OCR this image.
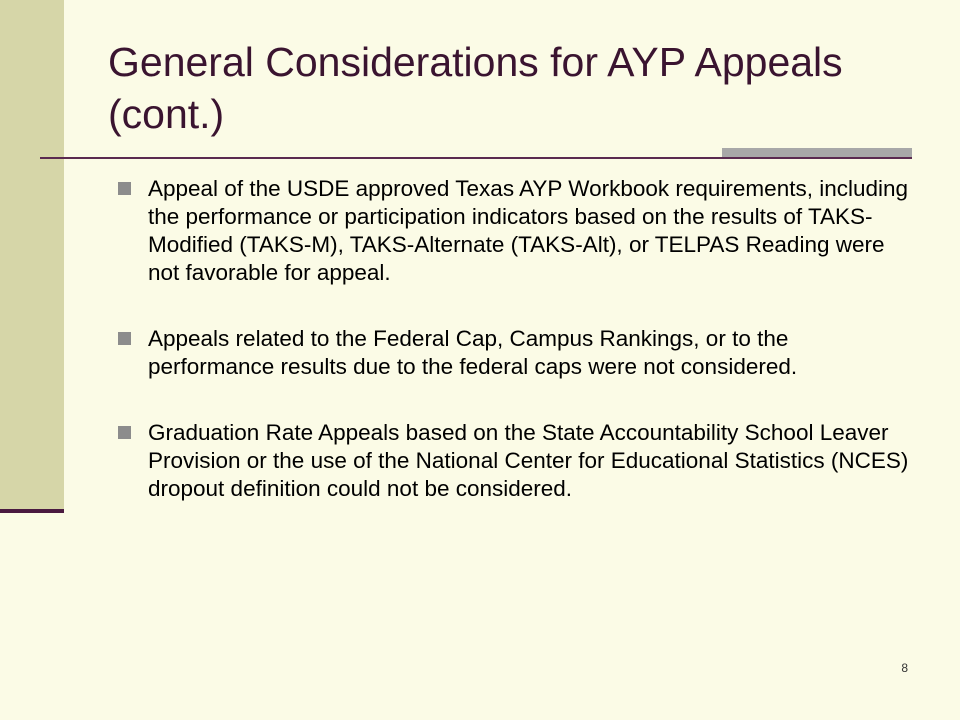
General Considerations for AYP Appeals (cont.)
Appeal of the USDE approved Texas AYP Workbook requirements, including the performance or participation indicators based on the results of TAKS-Modified (TAKS-M), TAKS-Alternate (TAKS-Alt), or TELPAS Reading were not favorable for appeal.
Appeals related to the Federal Cap, Campus Rankings, or to the performance results due to the federal caps were not considered.
Graduation Rate Appeals based on the State Accountability School Leaver Provision or the use of the National Center for Educational Statistics (NCES) dropout definition could not be considered.
8
